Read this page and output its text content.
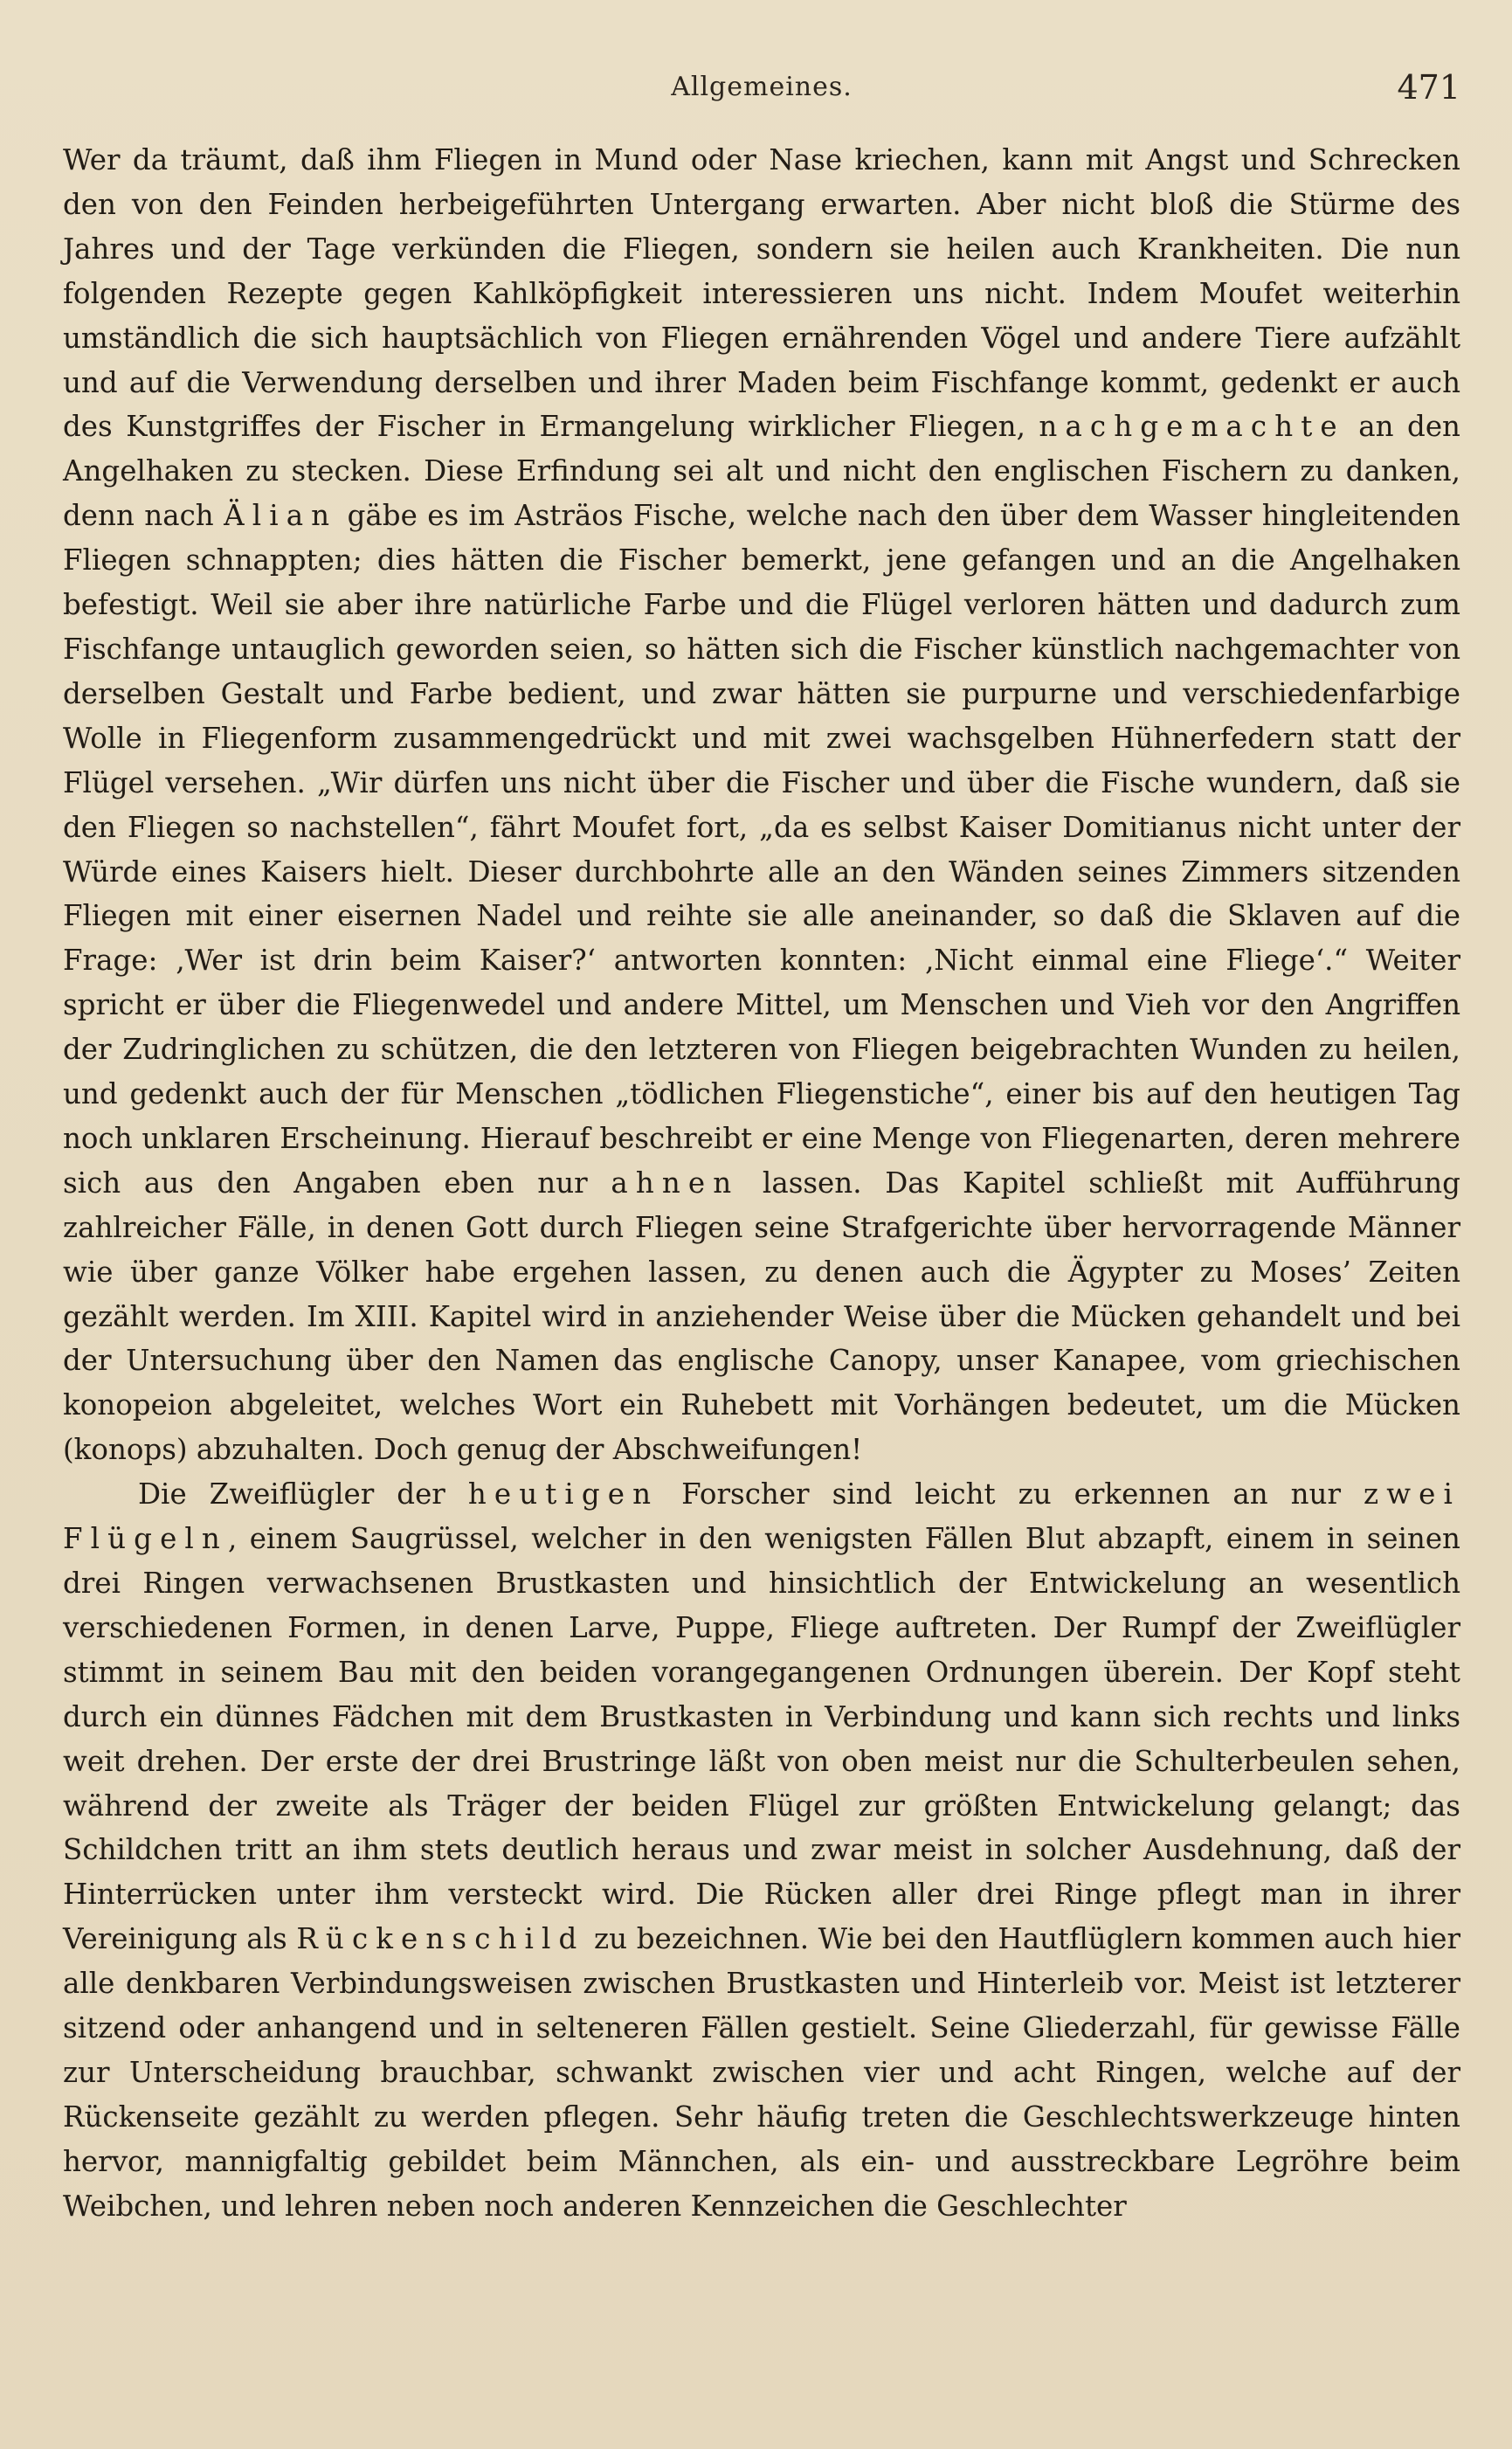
Allgemeines.	471

Wer da träumt, daß ihm Fliegen in Mund oder Nase kriechen, kann mit Angst und Schrecken den von den Feinden herbeigeführten Untergang erwarten. Aber nicht bloß die Stürme des Jahres und der Tage verkünden die Fliegen, sondern sie heilen auch Krankheiten. Die nun folgenden Rezepte gegen Kahlköpfigkeit interessieren uns nicht. Indem Moufet weiterhin umständlich die sich hauptsächlich von Fliegen ernährenden Vögel und andere Tiere aufzählt und auf die Verwendung derselben und ihrer Maden beim Fischfange kommt, gedenkt er auch des Kunstgriffes der Fischer in Ermangelung wirklicher Fliegen, nachgemachte an den Angelhaken zu stecken. Diese Erfindung sei alt und nicht den englischen Fischern zu danken, denn nach Älian gäbe es im Asträos Fische, welche nach den über dem Wasser hingleitenden Fliegen schnappten; dies hätten die Fischer bemerkt, jene gefangen und an die Angelhaken befestigt. Weil sie aber ihre natürliche Farbe und die Flügel verloren hätten und dadurch zum Fischfange untauglich geworden seien, so hätten sich die Fischer künstlich nachgemachter von derselben Gestalt und Farbe bedient, und zwar hätten sie purpurne und verschiedenfarbige Wolle in Fliegenform zusammengedrückt und mit zwei wachsgelben Hühnerfedern statt der Flügel versehen. „Wir dürfen uns nicht über die Fischer und über die Fische wundern, daß sie den Fliegen so nachstellen“, fährt Moufet fort, „da es selbst Kaiser Domitianus nicht unter der Würde eines Kaisers hielt. Dieser durchbohrte alle an den Wänden seines Zimmers sitzenden Fliegen mit einer eisernen Nadel und reihte sie alle aneinander, so daß die Sklaven auf die Frage: ‚Wer ist drin beim Kaiser?‘ antworten konnten: ‚Nicht einmal eine Fliege‘.“ Weiter spricht er über die Fliegenwedel und andere Mittel, um Menschen und Vieh vor den Angriffen der Zudringlichen zu schützen, die den letzteren von Fliegen beigebrachten Wunden zu heilen, und gedenkt auch der für Menschen „tödlichen Fliegenstiche“, einer bis auf den heutigen Tag noch unklaren Erscheinung. Hierauf beschreibt er eine Menge von Fliegenarten, deren mehrere sich aus den Angaben eben nur ahnen lassen. Das Kapitel schließt mit Aufführung zahlreicher Fälle, in denen Gott durch Fliegen seine Strafgerichte über hervorragende Männer wie über ganze Völker habe ergehen lassen, zu denen auch die Ägypter zu Moses’ Zeiten gezählt werden. Im XIII. Kapitel wird in anziehender Weise über die Mücken gehandelt und bei der Untersuchung über den Namen das englische Canopy, unser Kanapee, vom griechischen konopeion abgeleitet, welches Wort ein Ruhebett mit Vorhängen bedeutet, um die Mücken (konops) abzuhalten. Doch genug der Abschweifungen!

Die Zweiflügler der heutigen Forscher sind leicht zu erkennen an nur zwei Flügeln, einem Saugrüssel, welcher in den wenigsten Fällen Blut abzapft, einem in seinen drei Ringen verwachsenen Brustkasten und hinsichtlich der Entwickelung an wesentlich verschiedenen Formen, in denen Larve, Puppe, Fliege auftreten. Der Rumpf der Zweiflügler stimmt in seinem Bau mit den beiden vorangegangenen Ordnungen überein. Der Kopf steht durch ein dünnes Fädchen mit dem Brustkasten in Verbindung und kann sich rechts und links weit drehen. Der erste der drei Brustringe läßt von oben meist nur die Schulterbeulen sehen, während der zweite als Träger der beiden Flügel zur größten Entwickelung gelangt; das Schildchen tritt an ihm stets deutlich heraus und zwar meist in solcher Ausdehnung, daß der Hinterrücken unter ihm versteckt wird. Die Rücken aller drei Ringe pflegt man in ihrer Vereinigung als Rückenschild zu bezeichnen. Wie bei den Hautflüglern kommen auch hier alle denkbaren Verbindungsweisen zwischen Brustkasten und Hinterleib vor. Meist ist letzterer sitzend oder anhangend und in selteneren Fällen gestielt. Seine Gliederzahl, für gewisse Fälle zur Unterscheidung brauchbar, schwankt zwischen vier und acht Ringen, welche auf der Rückenseite gezählt zu werden pflegen. Sehr häufig treten die Geschlechtswerkzeuge hinten hervor, mannigfaltig gebildet beim Männchen, als ein- und ausstreckbare Legröhre beim Weibchen, und lehren neben noch anderen Kennzeichen die Geschlechter
